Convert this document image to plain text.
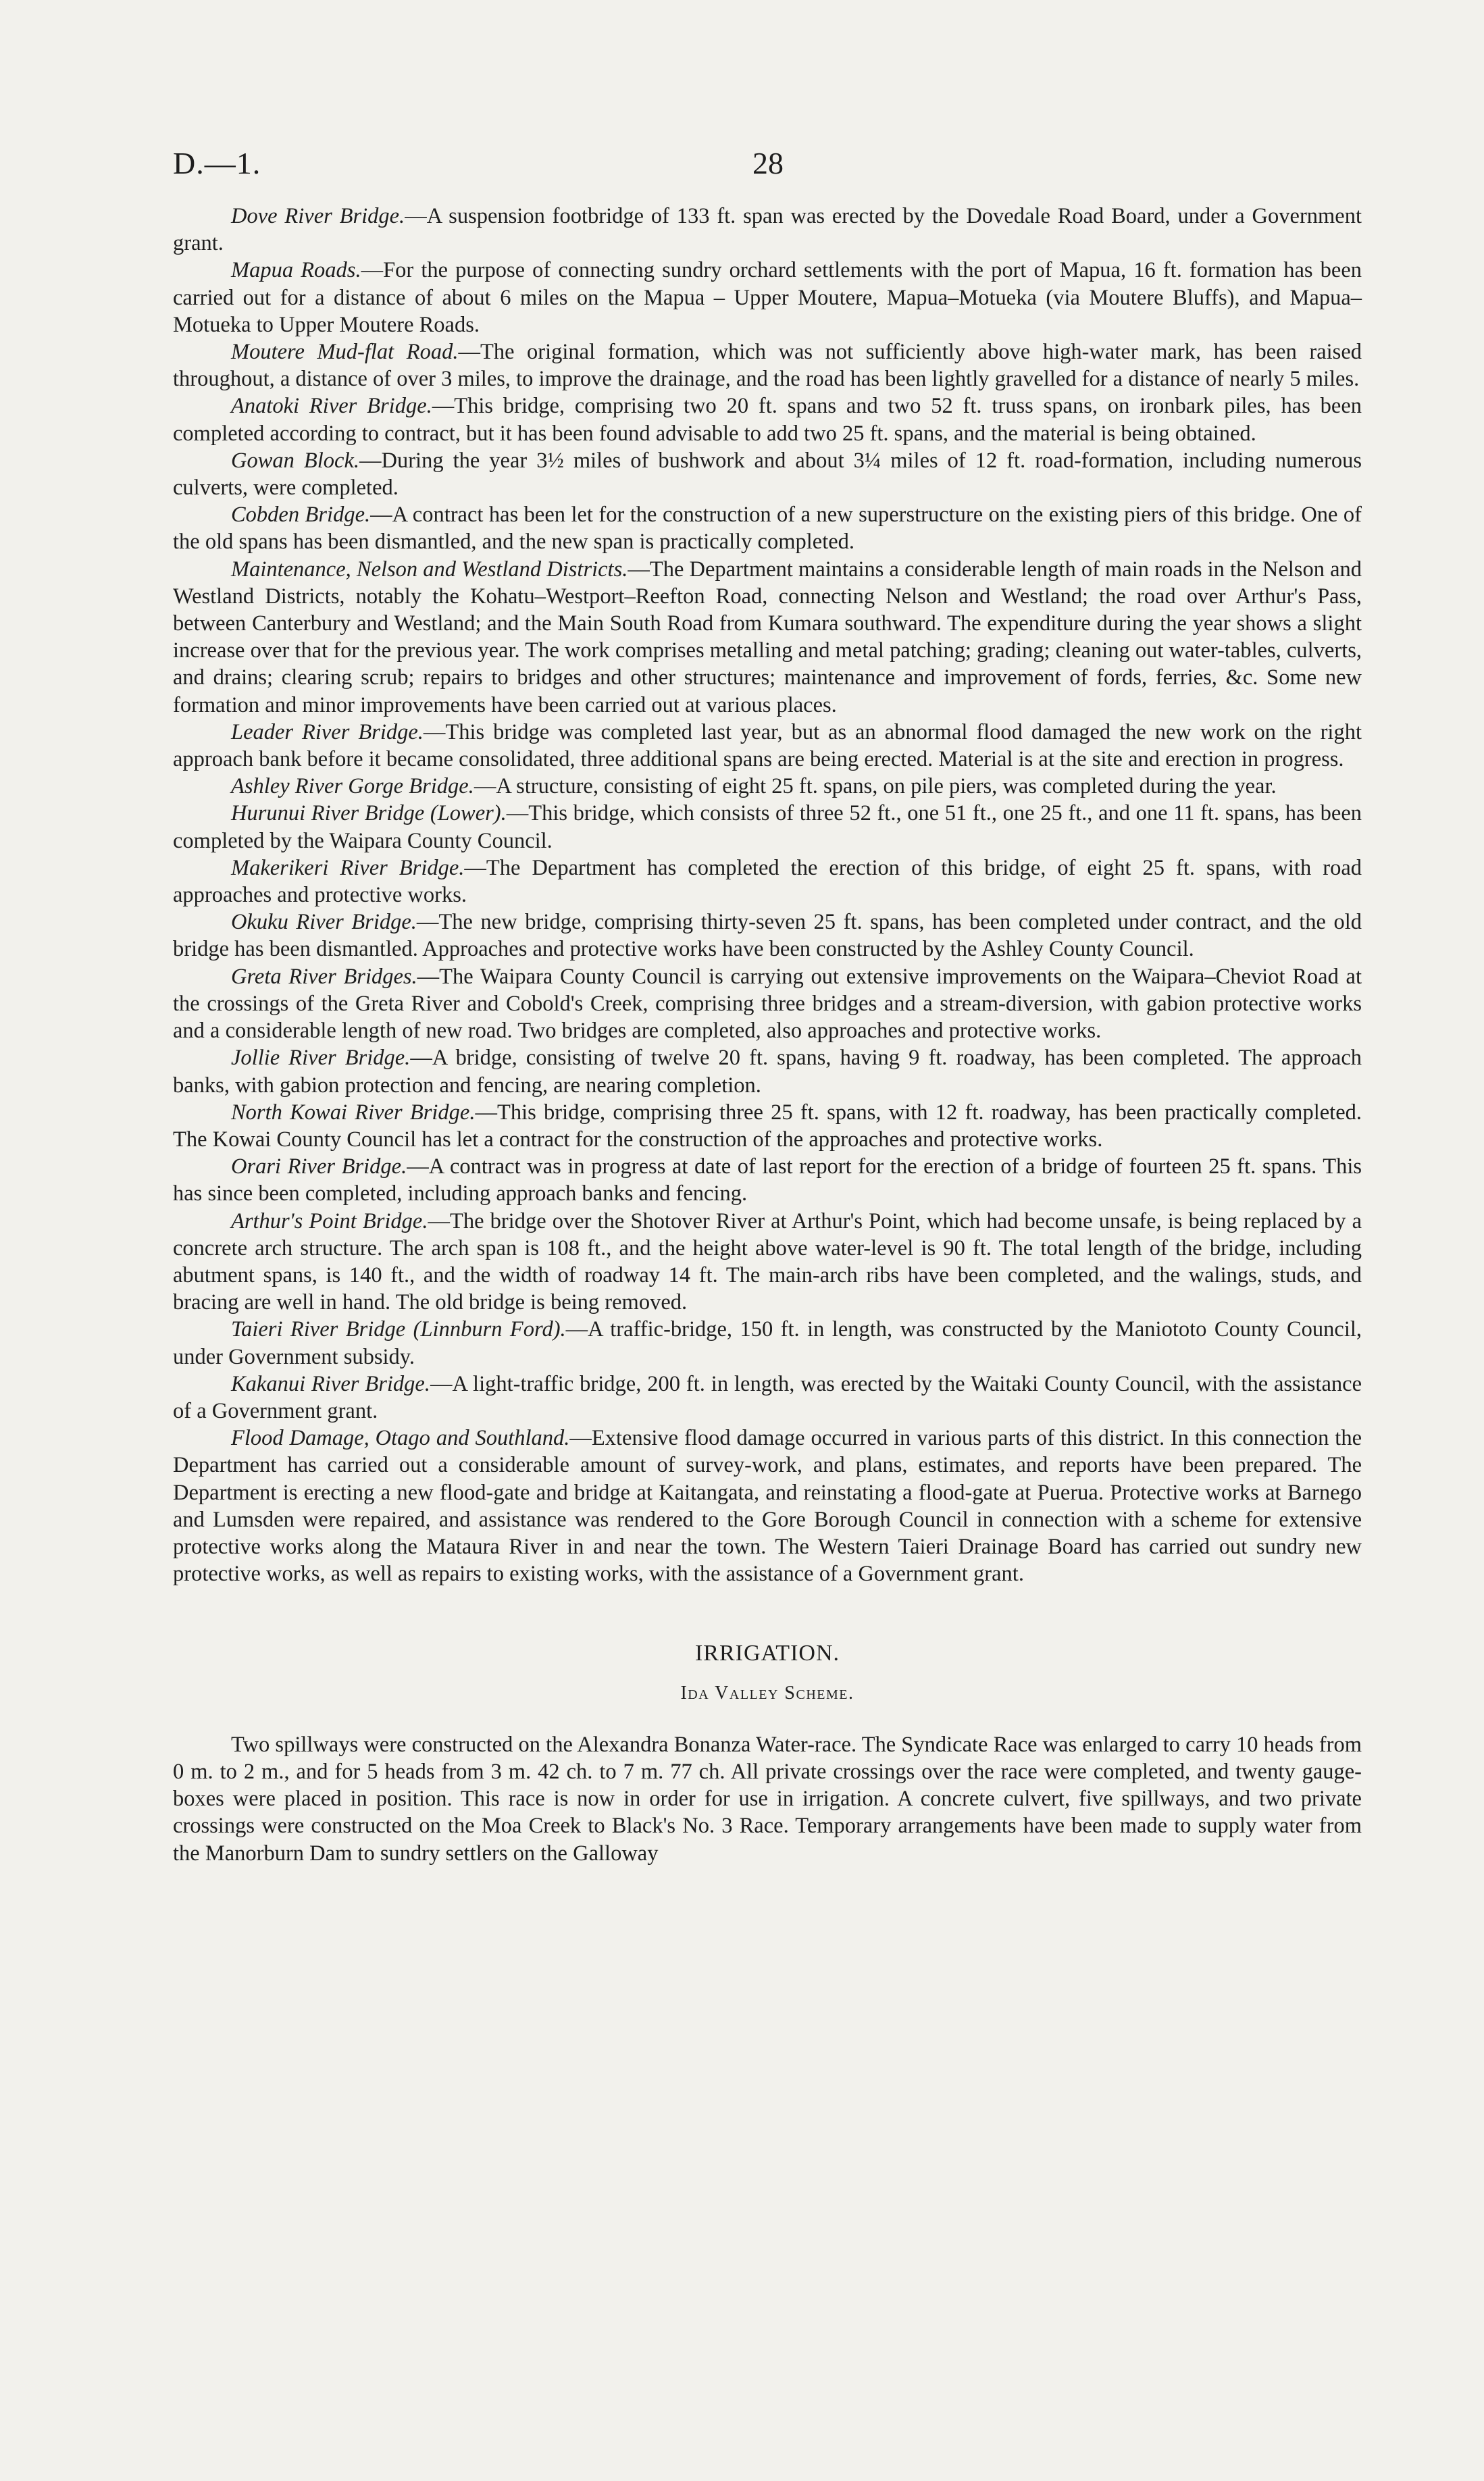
D.—1.	28

Dove River Bridge.—A suspension footbridge of 133 ft. span was erected by the Dovedale Road Board, under a Government grant.

Mapua Roads.—For the purpose of connecting sundry orchard settlements with the port of Mapua, 16 ft. formation has been carried out for a distance of about 6 miles on the Mapua – Upper Moutere, Mapua–Motueka (via Moutere Bluffs), and Mapua–Motueka to Upper Moutere Roads.

Moutere Mud-flat Road.—The original formation, which was not sufficiently above high-water mark, has been raised throughout, a distance of over 3 miles, to improve the drainage, and the road has been lightly gravelled for a distance of nearly 5 miles.

Anatoki River Bridge.—This bridge, comprising two 20 ft. spans and two 52 ft. truss spans, on ironbark piles, has been completed according to contract, but it has been found advisable to add two 25 ft. spans, and the material is being obtained.

Gowan Block.—During the year 3½ miles of bushwork and about 3¼ miles of 12 ft. road-formation, including numerous culverts, were completed.

Cobden Bridge.—A contract has been let for the construction of a new superstructure on the existing piers of this bridge. One of the old spans has been dismantled, and the new span is practically completed.

Maintenance, Nelson and Westland Districts.—The Department maintains a considerable length of main roads in the Nelson and Westland Districts, notably the Kohatu–Westport–Reefton Road, connecting Nelson and Westland; the road over Arthur's Pass, between Canterbury and Westland; and the Main South Road from Kumara southward. The expenditure during the year shows a slight increase over that for the previous year. The work comprises metalling and metal patching; grading; cleaning out water-tables, culverts, and drains; clearing scrub; repairs to bridges and other structures; maintenance and improvement of fords, ferries, &c. Some new formation and minor improvements have been carried out at various places.

Leader River Bridge.—This bridge was completed last year, but as an abnormal flood damaged the new work on the right approach bank before it became consolidated, three additional spans are being erected. Material is at the site and erection in progress.

Ashley River Gorge Bridge.—A structure, consisting of eight 25 ft. spans, on pile piers, was completed during the year.

Hurunui River Bridge (Lower).—This bridge, which consists of three 52 ft., one 51 ft., one 25 ft., and one 11 ft. spans, has been completed by the Waipara County Council.

Makerikeri River Bridge.—The Department has completed the erection of this bridge, of eight 25 ft. spans, with road approaches and protective works.

Okuku River Bridge.—The new bridge, comprising thirty-seven 25 ft. spans, has been completed under contract, and the old bridge has been dismantled. Approaches and protective works have been constructed by the Ashley County Council.

Greta River Bridges.—The Waipara County Council is carrying out extensive improvements on the Waipara–Cheviot Road at the crossings of the Greta River and Cobold's Creek, comprising three bridges and a stream-diversion, with gabion protective works and a considerable length of new road. Two bridges are completed, also approaches and protective works.

Jollie River Bridge.—A bridge, consisting of twelve 20 ft. spans, having 9 ft. roadway, has been completed. The approach banks, with gabion protection and fencing, are nearing completion.

North Kowai River Bridge.—This bridge, comprising three 25 ft. spans, with 12 ft. roadway, has been practically completed. The Kowai County Council has let a contract for the construction of the approaches and protective works.

Orari River Bridge.—A contract was in progress at date of last report for the erection of a bridge of fourteen 25 ft. spans. This has since been completed, including approach banks and fencing.

Arthur's Point Bridge.—The bridge over the Shotover River at Arthur's Point, which had become unsafe, is being replaced by a concrete arch structure. The arch span is 108 ft., and the height above water-level is 90 ft. The total length of the bridge, including abutment spans, is 140 ft., and the width of roadway 14 ft. The main-arch ribs have been completed, and the walings, studs, and bracing are well in hand. The old bridge is being removed.

Taieri River Bridge (Linnburn Ford).—A traffic-bridge, 150 ft. in length, was constructed by the Maniototo County Council, under Government subsidy.

Kakanui River Bridge.—A light-traffic bridge, 200 ft. in length, was erected by the Waitaki County Council, with the assistance of a Government grant.

Flood Damage, Otago and Southland.—Extensive flood damage occurred in various parts of this district. In this connection the Department has carried out a considerable amount of survey-work, and plans, estimates, and reports have been prepared. The Department is erecting a new flood-gate and bridge at Kaitangata, and reinstating a flood-gate at Puerua. Protective works at Barnego and Lumsden were repaired, and assistance was rendered to the Gore Borough Council in connection with a scheme for extensive protective works along the Mataura River in and near the town. The Western Taieri Drainage Board has carried out sundry new protective works, as well as repairs to existing works, with the assistance of a Government grant.

IRRIGATION.
Ida Valley Scheme.

Two spillways were constructed on the Alexandra Bonanza Water-race. The Syndicate Race was enlarged to carry 10 heads from 0 m. to 2 m., and for 5 heads from 3 m. 42 ch. to 7 m. 77 ch. All private crossings over the race were completed, and twenty gauge-boxes were placed in position. This race is now in order for use in irrigation. A concrete culvert, five spillways, and two private crossings were constructed on the Moa Creek to Black's No. 3 Race. Temporary arrangements have been made to supply water from the Manorburn Dam to sundry settlers on the Galloway
